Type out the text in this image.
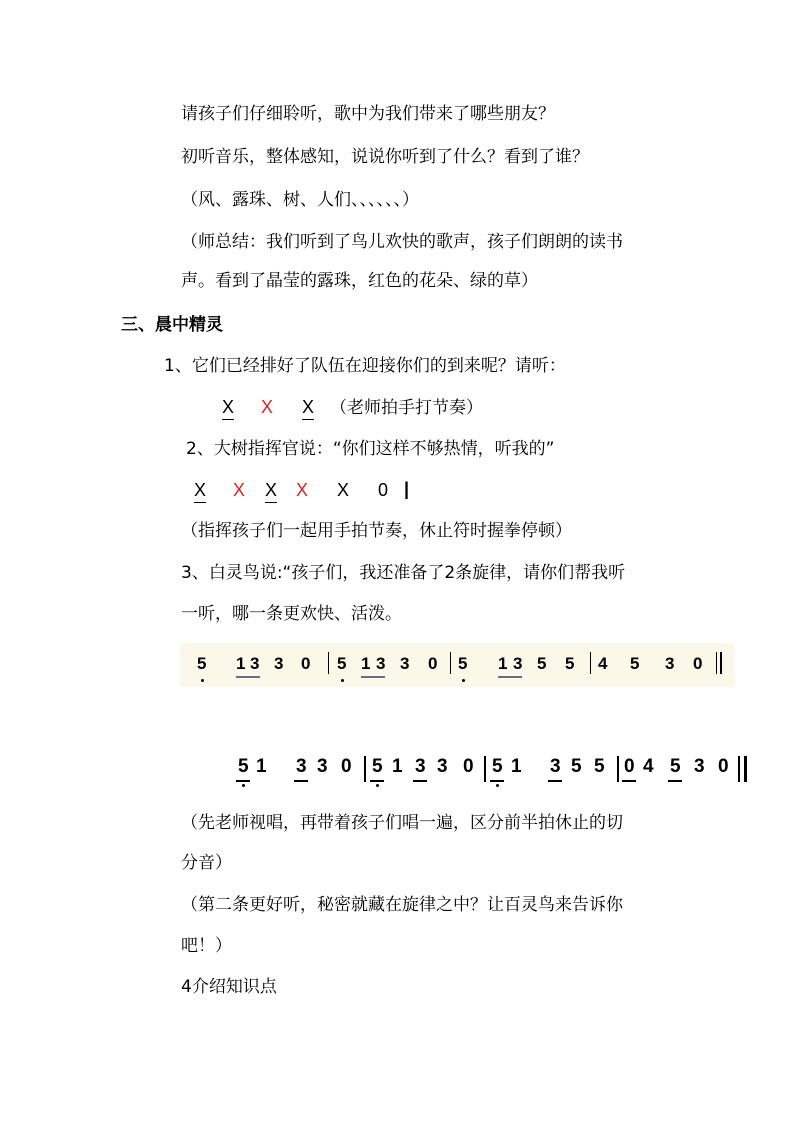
请孩子们仔细聆听，歌中为我们带来了哪些朋友？
初听音乐，整体感知，说说你听到了什么？看到了谁？
（风、露珠、树、人们、、、、、、）
（师总结：我们听到了鸟儿欢快的歌声，孩子们朗朗的读书
声。看到了晶莹的露珠，红色的花朵、绿的草）
三、晨中精灵
1、它们已经排好了队伍在迎接你们的到来呢？请听：
X X X （老师拍手打节奏）
2、大树指挥官说：“你们这样不够热情，听我的”
X X X X X 0 |
（指挥孩子们一起用手拍节奏，休止符时握拳停顿）
3、白灵鸟说:“孩子们，我还准备了2条旋律，请你们帮我听
一听，哪一条更欢快、活泼。
5 1 3 3 0 5 1 3 3 0 5 1 3 5 5 4 5 3 0
5 1 3 3 0 5 1 3 3 0 5 1 3 5 5 0 4 5 3 0
（先老师视唱，再带着孩子们唱一遍，区分前半拍休止的切
分音）
（第二条更好听，秘密就藏在旋律之中？让百灵鸟来告诉你
吧！）
4介绍知识点
